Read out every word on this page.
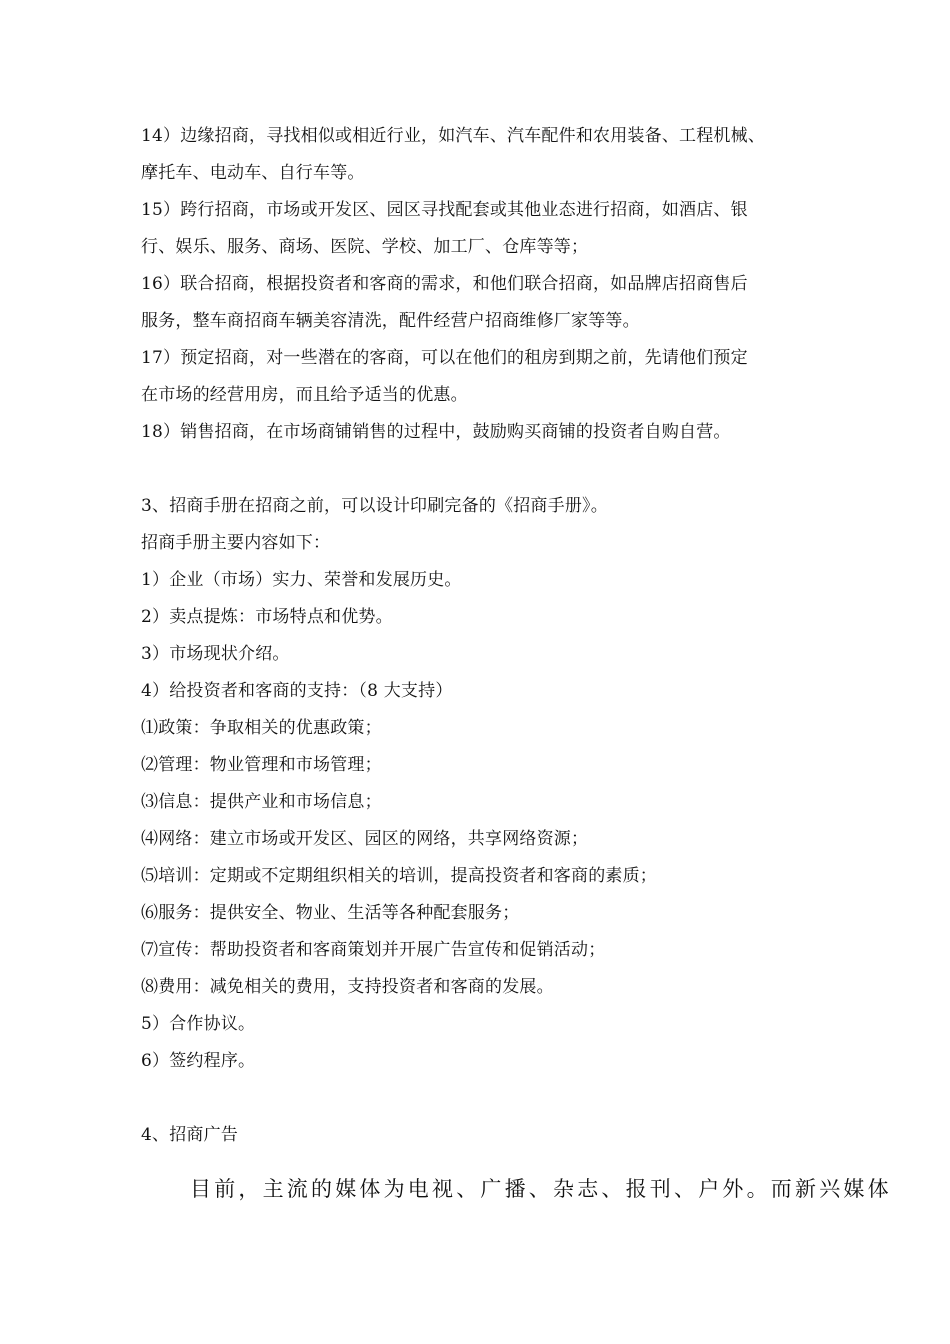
14）边缘招商，寻找相似或相近行业，如汽车、汽车配件和农用装备、工程机械、
摩托车、电动车、自行车等。
15）跨行招商，市场或开发区、园区寻找配套或其他业态进行招商，如酒店、银
行、娱乐、服务、商场、医院、学校、加工厂、仓库等等；
16）联合招商，根据投资者和客商的需求，和他们联合招商，如品牌店招商售后
服务，整车商招商车辆美容清洗，配件经营户招商维修厂家等等。
17）预定招商，对一些潜在的客商，可以在他们的租房到期之前，先请他们预定
在市场的经营用房，而且给予适当的优惠。
18）销售招商，在市场商铺销售的过程中，鼓励购买商铺的投资者自购自营。
3、招商手册在招商之前，可以设计印刷完备的《招商手册》。
招商手册主要内容如下：
1）企业（市场）实力、荣誉和发展历史。
2）卖点提炼：市场特点和优势。
3）市场现状介绍。
4）给投资者和客商的支持：（8 大支持）
⑴政策：争取相关的优惠政策；
⑵管理：物业管理和市场管理；
⑶信息：提供产业和市场信息；
⑷网络：建立市场或开发区、园区的网络，共享网络资源；
⑸培训：定期或不定期组织相关的培训，提高投资者和客商的素质；
⑹服务：提供安全、物业、生活等各种配套服务；
⑺宣传：帮助投资者和客商策划并开展广告宣传和促销活动；
⑻费用：减免相关的费用，支持投资者和客商的发展。
5）合作协议。
6）签约程序。
4、招商广告
目前，主流的媒体为电视、广播、杂志、报刊、户外。而新兴媒体
